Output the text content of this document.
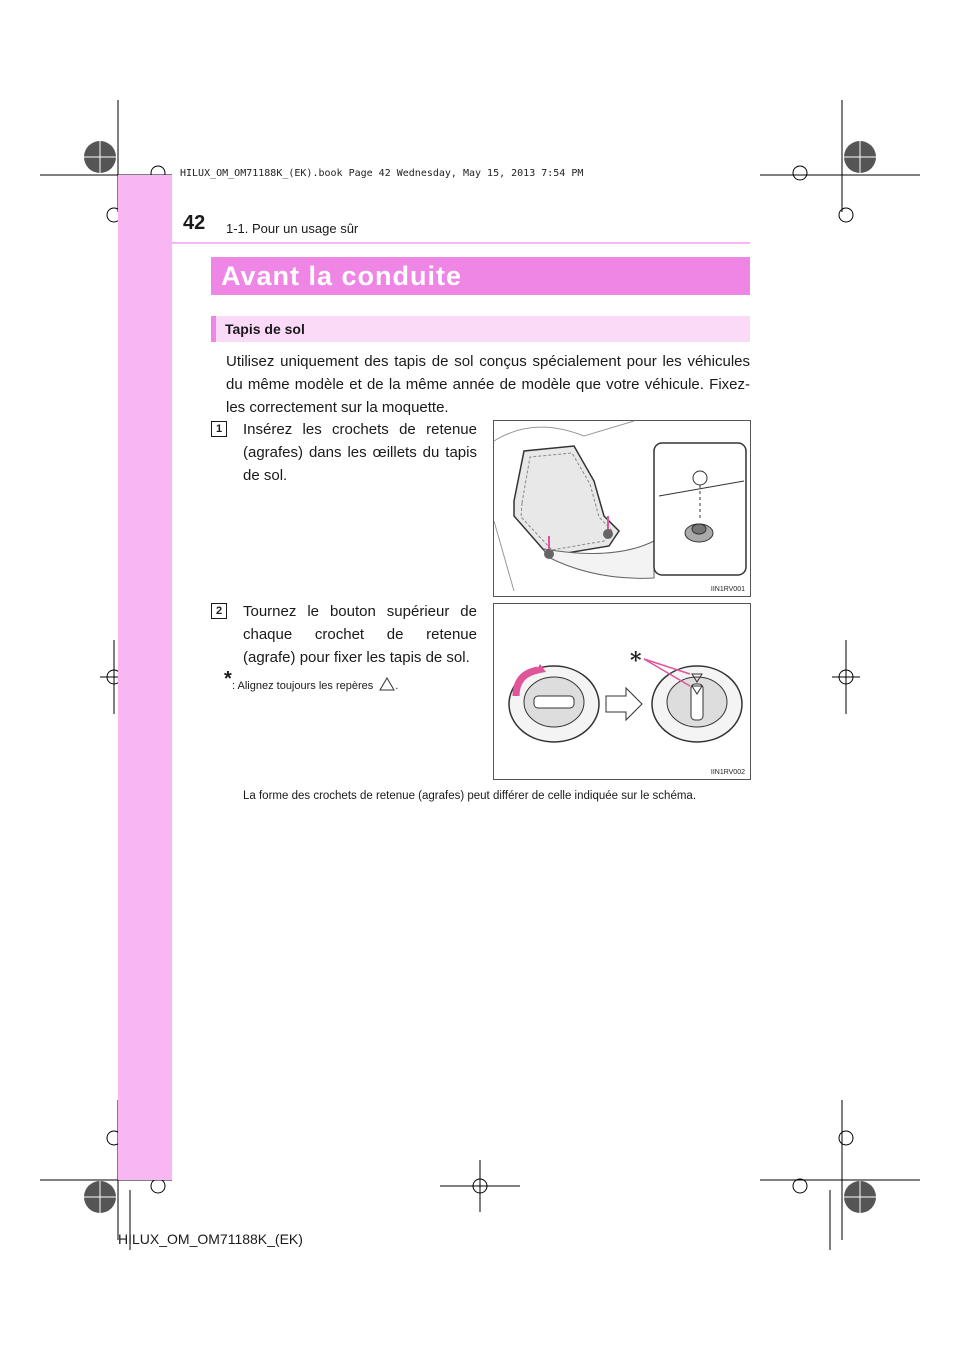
HILUX_OM_OM71188K_(EK).book Page 42 Wednesday, May 15, 2013 7:54 PM
42 1-1. Pour un usage sûr
Avant la conduite
Tapis de sol
Utilisez uniquement des tapis de sol conçus spécialement pour les véhicules du même modèle et de la même année de modèle que votre véhicule. Fixez-les correctement sur la moquette.
1	Insérez les crochets de retenue (agrafes) dans les œillets du tapis de sol.
IIN1RV001
2	Tournez le bouton supérieur de chaque crochet de retenue (agrafe) pour fixer les tapis de sol.	*
IIN1RV002
* : Alignez toujours les repères .
La forme des crochets de retenue (agrafes) peut différer de celle indiquée sur le schéma.
HILUX_OM_OM71188K_(EK)
